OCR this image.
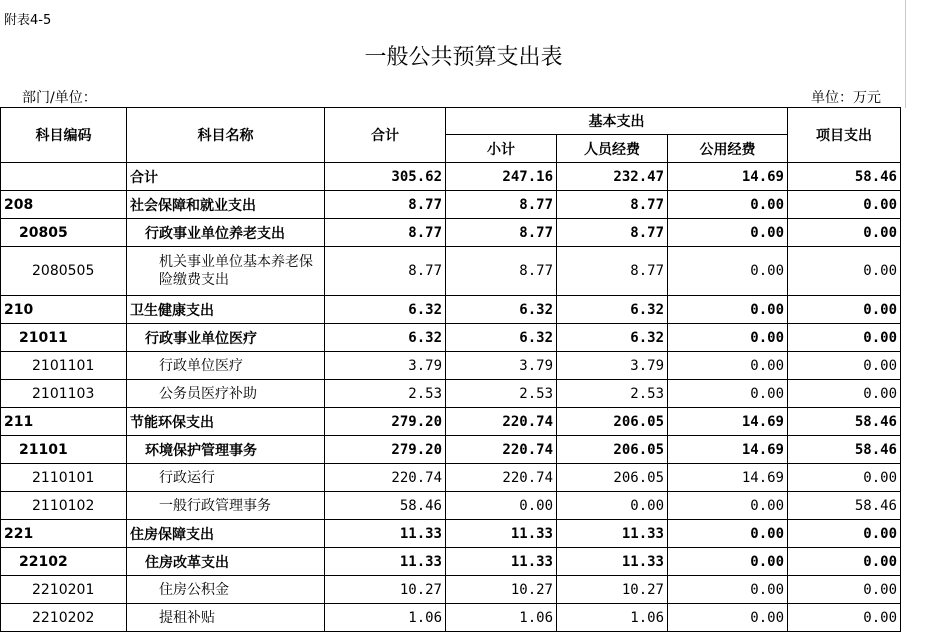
附表4-5
一般公共预算支出表
部门/单位：	单位：万元
科目编码	科目名称	合计	基本支出			项目支出
			小计	人员经费	公用经费	
	合计	305.62	247.16	232.47	14.69	58.46
208	社会保障和就业支出	8.77	8.77	8.77	0.00	0.00
20805	行政事业单位养老支出	8.77	8.77	8.77	0.00	0.00
2080505	机关事业单位基本养老保险缴费支出	8.77	8.77	8.77	0.00	0.00
210	卫生健康支出	6.32	6.32	6.32	0.00	0.00
21011	行政事业单位医疗	6.32	6.32	6.32	0.00	0.00
2101101	行政单位医疗	3.79	3.79	3.79	0.00	0.00
2101103	公务员医疗补助	2.53	2.53	2.53	0.00	0.00
211	节能环保支出	279.20	220.74	206.05	14.69	58.46
21101	环境保护管理事务	279.20	220.74	206.05	14.69	58.46
2110101	行政运行	220.74	220.74	206.05	14.69	0.00
2110102	一般行政管理事务	58.46	0.00	0.00	0.00	58.46
221	住房保障支出	11.33	11.33	11.33	0.00	0.00
22102	住房改革支出	11.33	11.33	11.33	0.00	0.00
2210201	住房公积金	10.27	10.27	10.27	0.00	0.00
2210202	提租补贴	1.06	1.06	1.06	0.00	0.00
